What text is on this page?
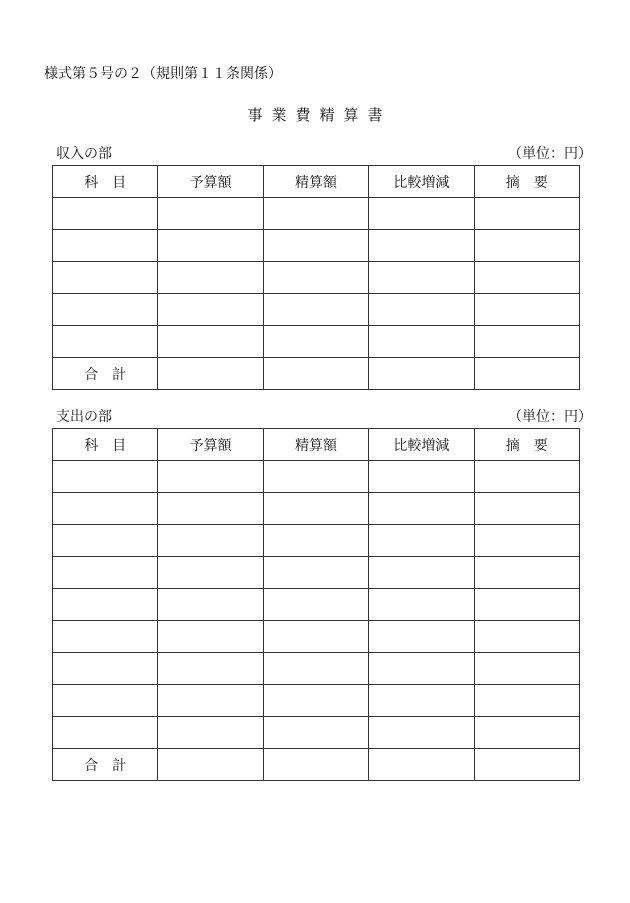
様式第５号の２（規則第１１条関係）
事業費精算書
収入の部	（単位：円）
科　目	予算額	精算額	比較増減	摘　要

合　計				
支出の部	（単位：円）
科　目	予算額	精算額	比較増減	摘　要

合　計				
